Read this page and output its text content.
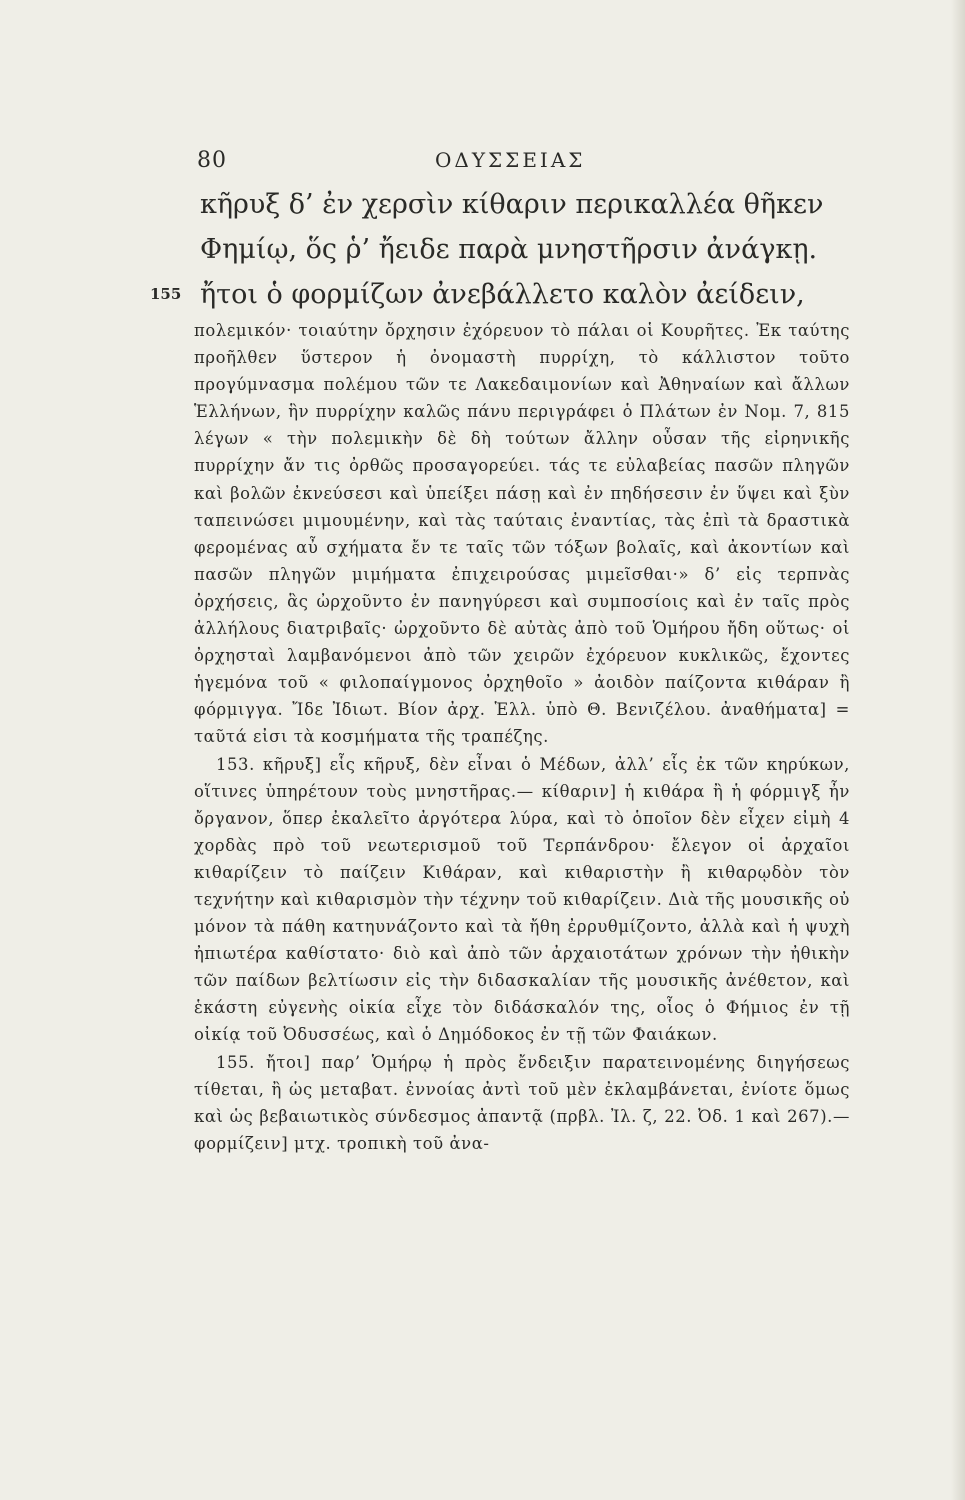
80	ΟΔΥΣΣΕΙΑΣ
κῆρυξ δ’ ἐν χερσὶν κίθαριν περικαλλέα θῆκεν
Φημίῳ, ὅς ῥ’ ἤειδε παρὰ μνηστῆρσιν ἀνάγκῃ.
155 ἤτοι ὁ φορμίζων ἀνεβάλλετο καλὸν ἀείδειν,

πολεμικόν· τοιαύτην ὄρχησιν ἐχόρευον τὸ πάλαι οἱ Κουρῆτες. Ἐκ ταύτης προῆλθεν ὕστερον ἡ ὀνομαστὴ πυρρίχη, τὸ κάλλιστον τοῦτο προγύμνασμα πολέμου τῶν τε Λακεδαιμονίων καὶ Ἀθηναίων καὶ ἄλλων Ἑλλήνων, ἣν πυρρίχην καλῶς πάνυ περιγράφει ὁ Πλάτων ἐν Νομ. 7, 815 λέγων « τὴν πολεμικὴν δὲ δὴ τούτων ἄλλην οὖσαν τῆς εἰρηνικῆς πυρρίχην ἄν τις ὀρθῶς προσαγορεύει. τάς τε εὐλαβείας πασῶν πληγῶν καὶ βολῶν ἐκνεύσεσι καὶ ὑπείξει πάσῃ καὶ ἐν πηδήσεσιν ἐν ὕψει καὶ ξὺν ταπεινώσει μιμουμένην, καὶ τὰς ταύταις ἐναντίας, τὰς ἐπὶ τὰ δραστικὰ φερομένας αὖ σχήματα ἔν τε ταῖς τῶν τόξων βολαῖς, καὶ ἀκοντίων καὶ πασῶν πληγῶν μιμήματα ἐπιχειρούσας μιμεῖσθαι·» δ’ εἰς τερπνὰς ὀρχήσεις, ἃς ὠρχοῦντο ἐν πανηγύρεσι καὶ συμποσίοις καὶ ἐν ταῖς πρὸς ἀλλήλους διατριβαῖς· ὠρχοῦντο δὲ αὐτὰς ἀπὸ τοῦ Ὁμήρου ἤδη οὕτως· οἱ ὀρχησταὶ λαμβανόμενοι ἀπὸ τῶν χειρῶν ἐχόρευον κυκλικῶς, ἔχοντες ἡγεμόνα τοῦ « φιλοπαίγμονος ὀρχηθοῖο » ἀοιδὸν παίζοντα κιθάραν ἢ φόρμιγγα. Ἴδε Ἰδιωτ. Βίον ἀρχ. Ἑλλ. ὑπὸ Θ. Βενιζέλου. ἀναθήματα] = ταῦτά εἰσι τὰ κοσμήματα τῆς τραπέζης.

153. κῆρυξ] εἷς κῆρυξ, δὲν εἶναι ὁ Μέδων, ἀλλ’ εἷς ἐκ τῶν κηρύκων, οἵτινες ὑπηρέτουν τοὺς μνηστῆρας.— κίθαριν] ἡ κιθάρα ἢ ἡ φόρμιγξ ἦν ὄργανον, ὅπερ ἐκαλεῖτο ἀργότερα λύρα, καὶ τὸ ὁποῖον δὲν εἶχεν εἰμὴ 4 χορδὰς πρὸ τοῦ νεωτερισμοῦ τοῦ Τερπάνδρου· ἔλεγον οἱ ἀρχαῖοι κιθαρίζειν τὸ παίζειν Κιθάραν, καὶ κιθαριστὴν ἢ κιθαρῳδὸν τὸν τεχνήτην καὶ κιθαρισμὸν τὴν τέχνην τοῦ κιθαρίζειν. Διὰ τῆς μουσικῆς οὐ μόνον τὰ πάθη κατηυνάζοντο καὶ τὰ ἤθη ἐρρυθμίζοντο, ἀλλὰ καὶ ἡ ψυχὴ ἠπιωτέρα καθίστατο· διὸ καὶ ἀπὸ τῶν ἀρχαιοτάτων χρόνων τὴν ἠθικὴν τῶν παίδων βελτίωσιν εἰς τὴν διδασκαλίαν τῆς μουσικῆς ἀνέθετον, καὶ ἑκάστη εὐγενὴς οἰκία εἶχε τὸν διδάσκαλόν της, οἷος ὁ Φήμιος ἐν τῇ οἰκίᾳ τοῦ Ὀδυσσέως, καὶ ὁ Δημόδοκος ἐν τῇ τῶν Φαιάκων.

155. ἤτοι] παρ’ Ὁμήρῳ ἡ πρὸς ἔνδειξιν παρατεινομένης διηγήσεως τίθεται, ἢ ὡς μεταβατ. ἐννοίας ἀντὶ τοῦ μὲν ἐκλαμβάνεται, ἐνίοτε ὅμως καὶ ὡς βεβαιωτικὸς σύνδεσμος ἀπαντᾷ (πρβλ. Ἰλ. ζ, 22. Ὀδ. 1 καὶ 267).— φορμίζειν] μτχ. τροπικὴ τοῦ ἀνα-
